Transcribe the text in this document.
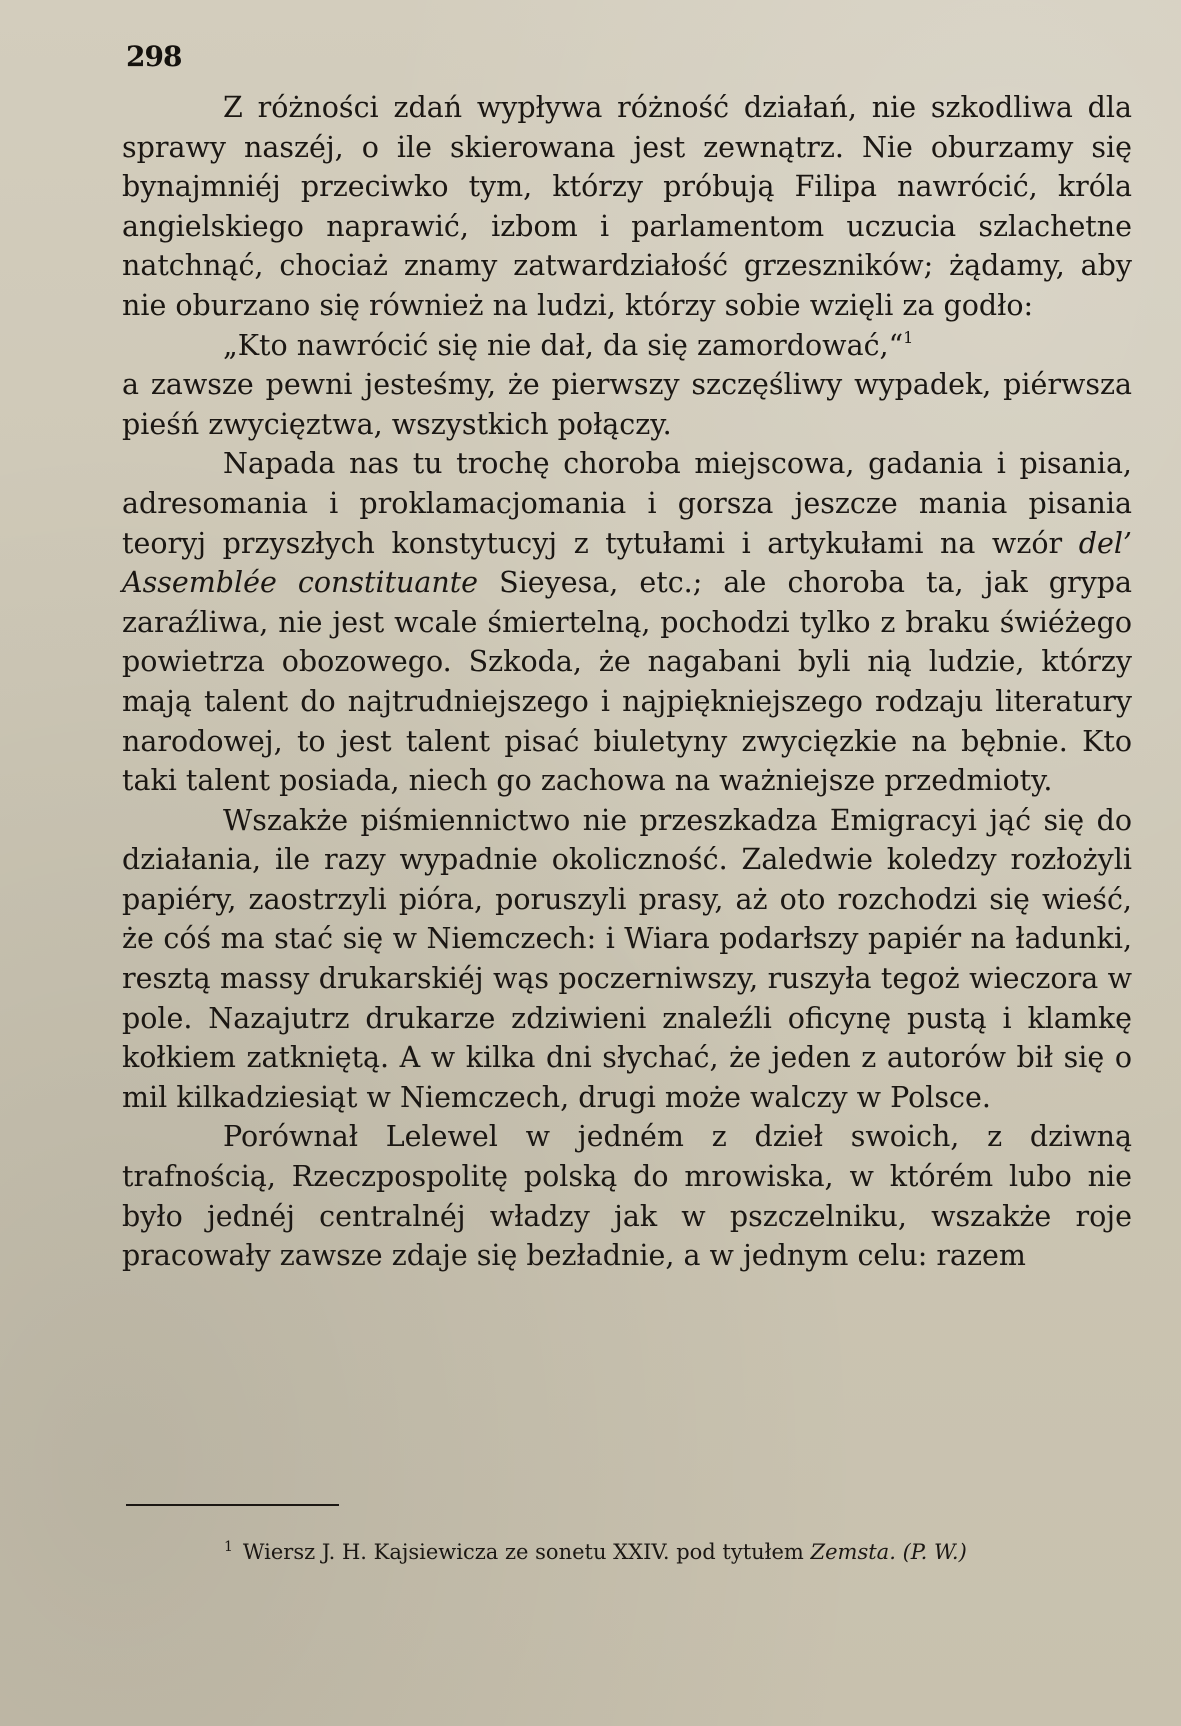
298

Z różności zdań wypływa różność działań, nie szkodliwa dla sprawy naszéj, o ile skierowana jest zewnątrz. Nie oburzamy się bynajmniéj przeciwko tym, którzy próbują Filipa nawrócić, króla angielskiego naprawić, izbom i parlamentom uczucia szlachetne natchnąć, chociaż znamy zatwardziałość grzeszników; żądamy, aby nie oburzano się również na ludzi, którzy sobie wzięli za godło:

„Kto nawrócić się nie dał, da się zamordować,“$^1$

a zawsze pewni jesteśmy, że pierwszy szczęśliwy wypadek, piérwsza pieśń zwycięztwa, wszystkich połączy.

Napada nas tu trochę choroba miejscowa, gadania i pisania, adresomania i proklamacjomania i gorsza jeszcze mania pisania teoryj przyszłych konstytucyj z tytułami i artykułami na wzór del’ Assemblée constituante Sieyesa, etc.; ale choroba ta, jak grypa zaraźliwa, nie jest wcale śmiertelną, pochodzi tylko z braku świéżego powietrza obozowego. Szkoda, że nagabani byli nią ludzie, którzy mają talent do najtrudniejszego i najpiękniejszego rodzaju literatury narodowej, to jest talent pisać biuletyny zwycięzkie na bębnie. Kto taki talent posiada, niech go zachowa na ważniejsze przedmioty.

Wszakże piśmiennictwo nie przeszkadza Emigracyi jąć się do działania, ile razy wypadnie okoliczność. Zaledwie koledzy rozłożyli papiéry, zaostrzyli pióra, poruszyli prasy, aż oto rozchodzi się wieść, że cóś ma stać się w Niemczech: i Wiara podarłszy papiér na ładunki, resztą massy drukarskiéj wąs poczerniwszy, ruszyła tegoż wieczora w pole. Nazajutrz drukarze zdziwieni znaleźli oficynę pustą i klamkę kołkiem zatkniętą. A w kilka dni słychać, że jeden z autorów bił się o mil kilkadziesiąt w Niemczech, drugi może walczy w Polsce.

Porównał Lelewel w jedném z dzieł swoich, z dziwną trafnością, Rzeczpospolitę polską do mrowiska, w którém lubo nie było jednéj centralnéj władzy jak w pszczelniku, wszakże roje pracowały zawsze zdaje się bezładnie, a w jednym celu: razem

$^1$ Wiersz J. H. Kajsiewicza ze sonetu XXIV. pod tytułem Zemsta. (P. W.)
